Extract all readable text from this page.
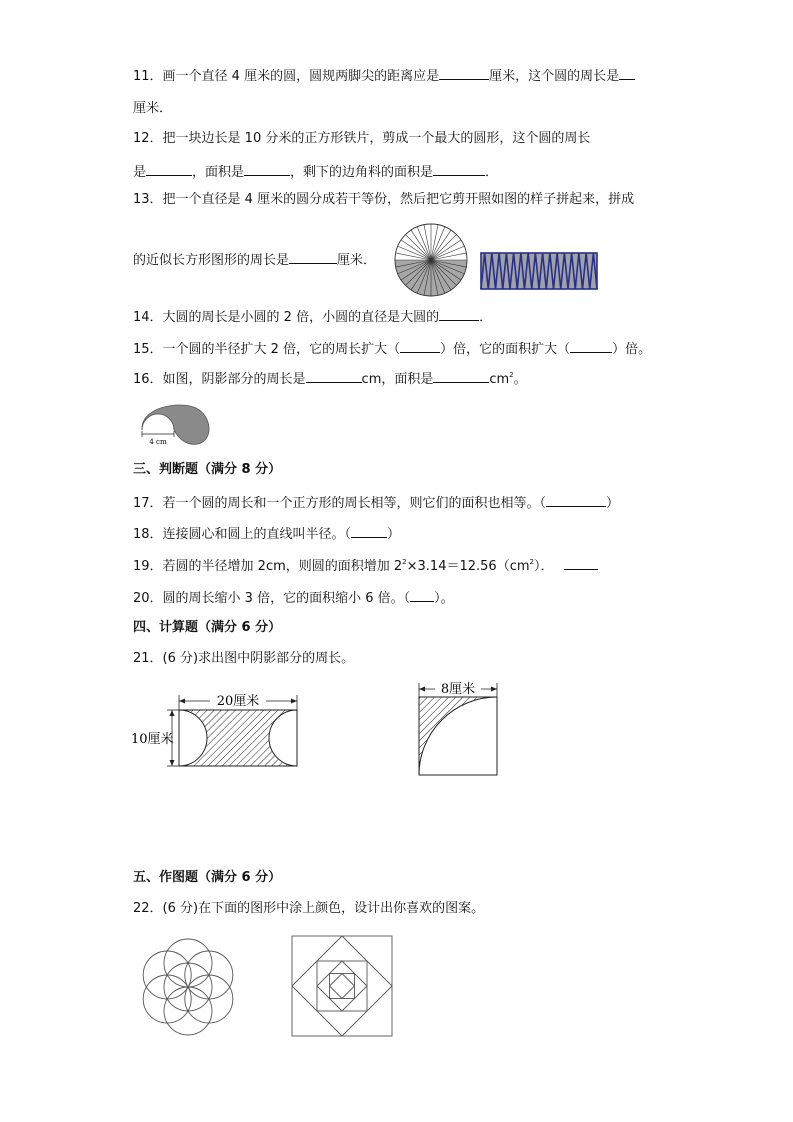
11．画一个直径 4 厘米的圆，圆规两脚尖的距离应是	厘米，这个圆的周长是
厘米．
12．把一块边长是 10 分米的正方形铁片，剪成一个最大的圆形，这个圆的周长
是	，面积是	，剩下的边角料的面积是	．
13．把一个直径是 4 厘米的圆分成若干等份，然后把它剪开照如图的样子拼起来，拼成
的近似长方形图形的周长是	厘米．
14．大圆的周长是小圆的 2 倍，小圆的直径是大圆的	．
15．一个圆的半径扩大 2 倍，它的周长扩大（	）倍，它的面积扩大（	）倍。
16．如图，阴影部分的周长是	cm，面积是	$cm^2$。
4 cm
三、判断题（满分 8 分）
17．若一个圆的周长和一个正方形的周长相等，则它们的面积也相等。（	）
18．连接圆心和圆上的直线叫半径。（	）
19．若圆的半径增加 2cm，则圆的面积增加 $2^2\times 3.14=12.56(cm^2)$．
20．圆的周长缩小 3 倍，它的面积缩小 6 倍。（ ）。
四、计算题（满分 6 分）
21．(6 分)求出图中阴影部分的周长。
20厘米
10厘米
8厘米
五、作图题（满分 6 分）
22．(6 分)在下面的图形中涂上颜色，设计出你喜欢的图案。
